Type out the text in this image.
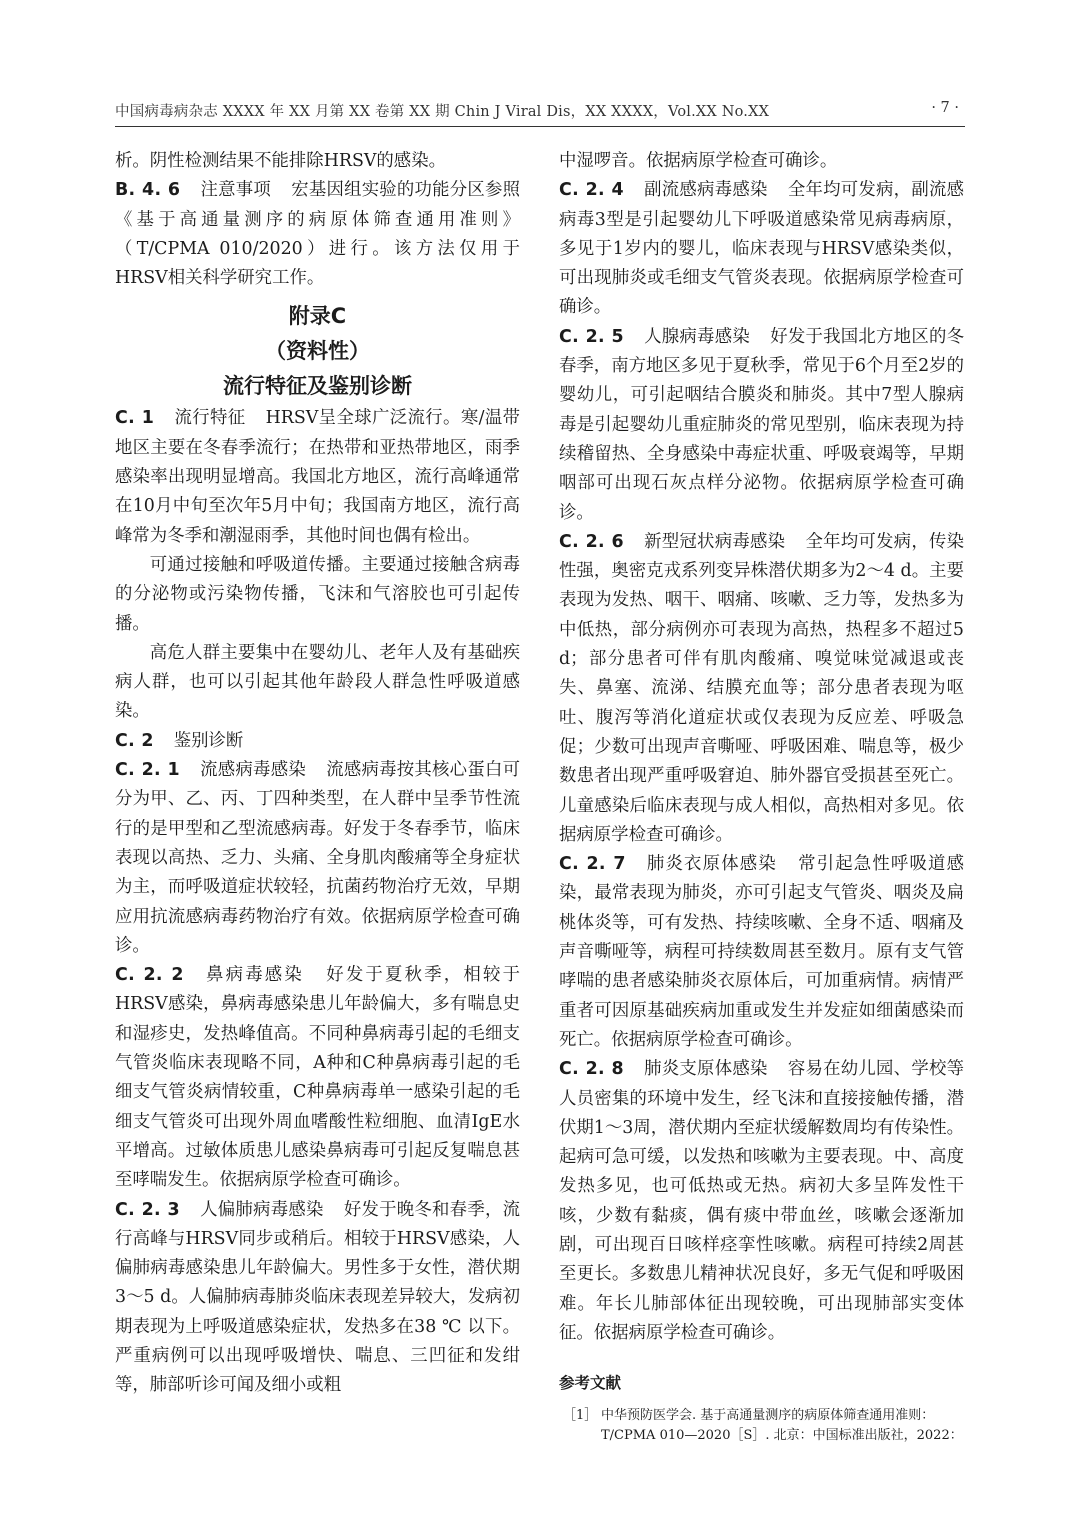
中国病毒病杂志 XXXX 年 XX 月第 XX 卷第 XX 期 Chin J Viral Dis，XX XXXX，Vol.XX No.XX	· 7 ·

析。阴性检测结果不能排除HRSV的感染。

B. 4. 6 注意事项 宏基因组实验的功能分区参照《基于高通量测序的病原体筛查通用准则》（T/CPMA 010/2020）进行。该方法仅用于HRSV相关科学研究工作。

附录C

（资料性）

流行特征及鉴别诊断

C. 1 流行特征 HRSV呈全球广泛流行。寒/温带地区主要在冬春季流行；在热带和亚热带地区，雨季感染率出现明显增高。我国北方地区，流行高峰通常在10月中旬至次年5月中旬；我国南方地区，流行高峰常为冬季和潮湿雨季，其他时间也偶有检出。

可通过接触和呼吸道传播。主要通过接触含病毒的分泌物或污染物传播，飞沫和气溶胶也可引起传播。

高危人群主要集中在婴幼儿、老年人及有基础疾病人群，也可以引起其他年龄段人群急性呼吸道感染。

C. 2 鉴别诊断

C. 2. 1 流感病毒感染 流感病毒按其核心蛋白可分为甲、乙、丙、丁四种类型，在人群中呈季节性流行的是甲型和乙型流感病毒。好发于冬春季节，临床表现以高热、乏力、头痛、全身肌肉酸痛等全身症状为主，而呼吸道症状较轻，抗菌药物治疗无效，早期应用抗流感病毒药物治疗有效。依据病原学检查可确诊。

C. 2. 2 鼻病毒感染 好发于夏秋季，相较于HRSV感染，鼻病毒感染患儿年龄偏大，多有喘息史和湿疹史，发热峰值高。不同种鼻病毒引起的毛细支气管炎临床表现略不同，A种和C种鼻病毒引起的毛细支气管炎病情较重，C种鼻病毒单一感染引起的毛细支气管炎可出现外周血嗜酸性粒细胞、血清IgE水平增高。过敏体质患儿感染鼻病毒可引起反复喘息甚至哮喘发生。依据病原学检查可确诊。

C. 2. 3 人偏肺病毒感染 好发于晚冬和春季，流行高峰与HRSV同步或稍后。相较于HRSV感染，人偏肺病毒感染患儿年龄偏大。男性多于女性，潜伏期3～5 d。人偏肺病毒肺炎临床表现差异较大，发病初期表现为上呼吸道感染症状，发热多在38 ℃ 以下。严重病例可以出现呼吸增快、喘息、三凹征和发绀等，肺部听诊可闻及细小或粗

中湿啰音。依据病原学检查可确诊。

C. 2. 4 副流感病毒感染 全年均可发病，副流感病毒3型是引起婴幼儿下呼吸道感染常见病毒病原，多见于1岁内的婴儿，临床表现与HRSV感染类似，可出现肺炎或毛细支气管炎表现。依据病原学检查可确诊。

C. 2. 5 人腺病毒感染 好发于我国北方地区的冬春季，南方地区多见于夏秋季，常见于6个月至2岁的婴幼儿，可引起咽结合膜炎和肺炎。其中7型人腺病毒是引起婴幼儿重症肺炎的常见型别，临床表现为持续稽留热、全身感染中毒症状重、呼吸衰竭等，早期咽部可出现石灰点样分泌物。依据病原学检查可确诊。

C. 2. 6 新型冠状病毒感染 全年均可发病，传染性强，奥密克戎系列变异株潜伏期多为2～4 d。主要表现为发热、咽干、咽痛、咳嗽、乏力等，发热多为中低热，部分病例亦可表现为高热，热程多不超过5 d；部分患者可伴有肌肉酸痛、嗅觉味觉减退或丧失、鼻塞、流涕、结膜充血等；部分患者表现为呕吐、腹泻等消化道症状或仅表现为反应差、呼吸急促；少数可出现声音嘶哑、呼吸困难、喘息等，极少数患者出现严重呼吸窘迫、肺外器官受损甚至死亡。儿童感染后临床表现与成人相似，高热相对多见。依据病原学检查可确诊。

C. 2. 7 肺炎衣原体感染 常引起急性呼吸道感染，最常表现为肺炎，亦可引起支气管炎、咽炎及扁桃体炎等，可有发热、持续咳嗽、全身不适、咽痛及声音嘶哑等，病程可持续数周甚至数月。原有支气管哮喘的患者感染肺炎衣原体后，可加重病情。病情严重者可因原基础疾病加重或发生并发症如细菌感染而死亡。依据病原学检查可确诊。

C. 2. 8 肺炎支原体感染 容易在幼儿园、学校等人员密集的环境中发生，经飞沫和直接接触传播，潜伏期1～3周，潜伏期内至症状缓解数周均有传染性。起病可急可缓，以发热和咳嗽为主要表现。中、高度发热多见，也可低热或无热。病初大多呈阵发性干咳，少数有黏痰，偶有痰中带血丝，咳嗽会逐渐加剧，可出现百日咳样痉挛性咳嗽。病程可持续2周甚至更长。多数患儿精神状况良好，多无气促和呼吸困难。年长儿肺部体征出现较晚，可出现肺部实变体征。依据病原学检查可确诊。

参考文献
［1］ 中华预防医学会. 基于高通量测序的病原体筛查通用准则：T/CPMA 010—2020［S］. 北京：中国标准出版社，2022：
